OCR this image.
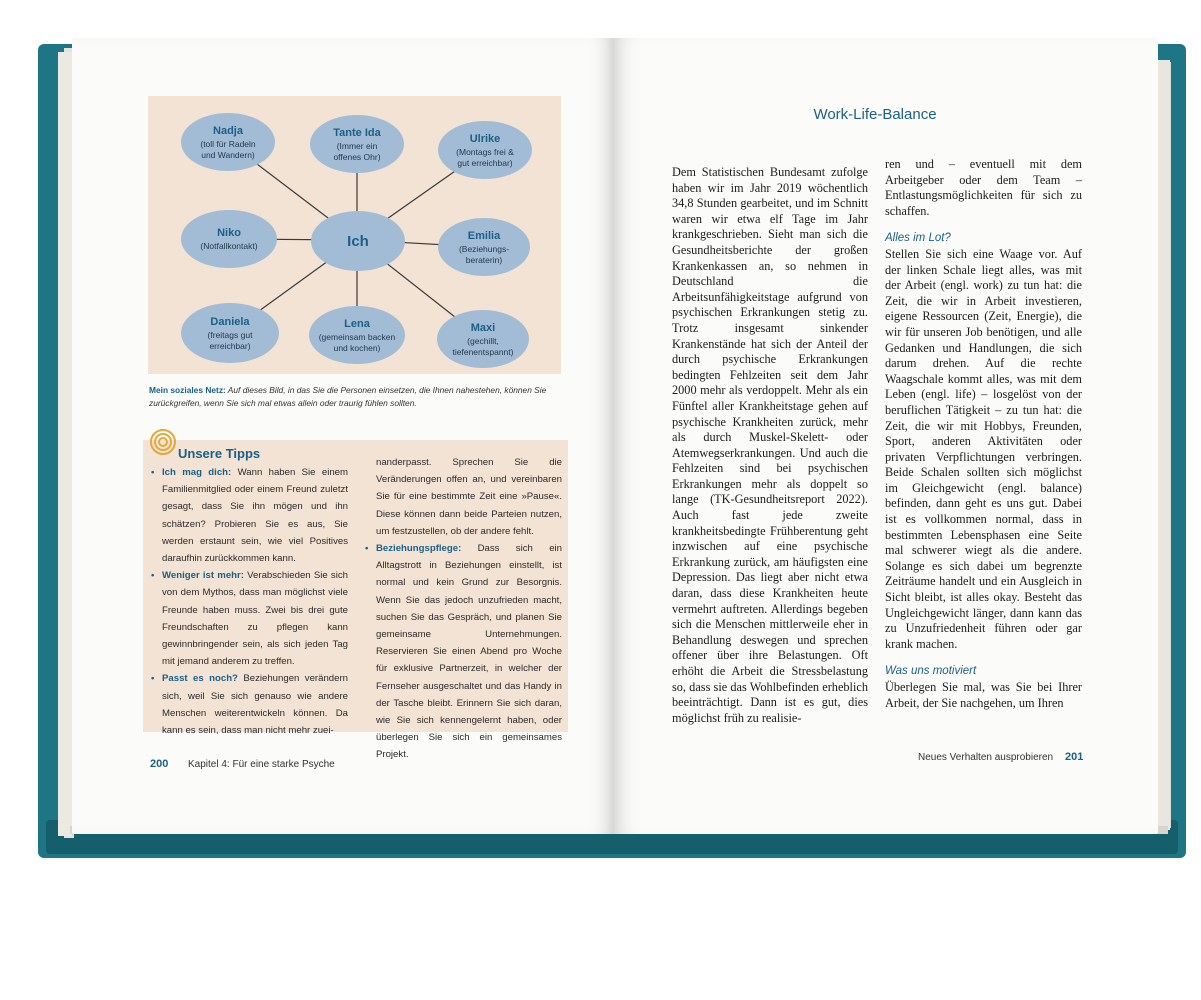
Nadja
(toll für Radeln
und Wandern)
Tante Ida
(Immer ein
offenes Ohr)
Ulrike
(Montags frei &
gut erreichbar)
Niko
(Notfallkontakt)	Ich	Emilia
(Beziehungs-
beraterin)
Daniela
(freitags gut
erreichbar)
Lena
(gemeinsam backen
und kochen)
Maxi
(gechillt,
tiefenentspannt)
Mein soziales Netz: Auf dieses Bild, in das Sie die Personen einsetzen, die Ihnen nahestehen, können Sie zurückgreifen, wenn Sie sich mal etwas allein oder traurig fühlen sollten.
Unsere Tipps
• Ich mag dich: Wann haben Sie einem Familienmitglied oder einem Freund zuletzt gesagt, dass Sie ihn mögen und ihn schätzen? Probieren Sie es aus, Sie werden erstaunt sein, wie viel Positives daraufhin zurückkommen kann.
• Weniger ist mehr: Verabschieden Sie sich von dem Mythos, dass man möglichst viele Freunde haben muss. Zwei bis drei gute Freundschaften zu pflegen kann gewinnbringender sein, als sich jeden Tag mit jemand anderem zu treffen.
• Passt es noch? Beziehungen verändern sich, weil Sie sich genauso wie andere Menschen weiterentwickeln können. Da kann es sein, dass man nicht mehr zuei-
nanderpasst. Sprechen Sie die Veränderungen offen an, und vereinbaren Sie für eine bestimmte Zeit eine »Pause«. Diese können dann beide Parteien nutzen, um festzustellen, ob der andere fehlt.
• Beziehungspflege: Dass sich ein Alltagstrott in Beziehungen einstellt, ist normal und kein Grund zur Besorgnis. Wenn Sie das jedoch unzufrieden macht, suchen Sie das Gespräch, und planen Sie gemeinsame Unternehmungen. Reservieren Sie einen Abend pro Woche für exklusive Partnerzeit, in welcher der Fernseher ausgeschaltet und das Handy in der Tasche bleibt. Erinnern Sie sich daran, wie Sie sich kennengelernt haben, oder überlegen Sie sich ein gemeinsames Projekt.
200 Kapitel 4: Für eine starke Psyche
Work-Life-Balance
Dem Statistischen Bundesamt zufolge haben wir im Jahr 2019 wöchentlich 34,8 Stunden gearbeitet, und im Schnitt waren wir etwa elf Tage im Jahr krankgeschrieben. Sieht man sich die Gesundheitsberichte der großen Krankenkassen an, so nehmen in Deutschland die Arbeitsunfähigkeitstage aufgrund von psychischen Erkrankungen stetig zu. Trotz insgesamt sinkender Krankenstände hat sich der Anteil der durch psychische Erkrankungen bedingten Fehlzeiten seit dem Jahr 2000 mehr als verdoppelt. Mehr als ein Fünftel aller Krankheitstage gehen auf psychische Krankheiten zurück, mehr als durch Muskel-Skelett- oder Atemwegserkrankungen. Und auch die Fehlzeiten sind bei psychischen Erkrankungen mehr als doppelt so lange (TK-Gesundheitsreport 2022). Auch fast jede zweite krankheitsbedingte Frühberentung geht inzwischen auf eine psychische Erkrankung zurück, am häufigsten eine Depression. Das liegt aber nicht etwa daran, dass diese Krankheiten heute vermehrt auftreten. Allerdings begeben sich die Menschen mittlerweile eher in Behandlung deswegen und sprechen offener über ihre Belastungen. Oft erhöht die Arbeit die Stressbelastung so, dass sie das Wohlbefinden erheblich beeinträchtigt. Dann ist es gut, dies möglichst früh zu realisie-
ren und – eventuell mit dem Arbeitgeber oder dem Team – Entlastungsmöglichkeiten für sich zu schaffen.
Alles im Lot?
Stellen Sie sich eine Waage vor. Auf der linken Schale liegt alles, was mit der Arbeit (engl. work) zu tun hat: die Zeit, die wir in Arbeit investieren, eigene Ressourcen (Zeit, Energie), die wir für unseren Job benötigen, und alle Gedanken und Handlungen, die sich darum drehen. Auf die rechte Waagschale kommt alles, was mit dem Leben (engl. life) – losgelöst von der beruflichen Tätigkeit – zu tun hat: die Zeit, die wir mit Hobbys, Freunden, Sport, anderen Aktivitäten oder privaten Verpflichtungen verbringen. Beide Schalen sollten sich möglichst im Gleichgewicht (engl. balance) befinden, dann geht es uns gut. Dabei ist es vollkommen normal, dass in bestimmten Lebensphasen eine Seite mal schwerer wiegt als die andere. Solange es sich dabei um begrenzte Zeiträume handelt und ein Ausgleich in Sicht bleibt, ist alles okay. Besteht das Ungleichgewicht länger, dann kann das zu Unzufriedenheit führen oder gar krank machen.
Was uns motiviert
Überlegen Sie mal, was Sie bei Ihrer Arbeit, der Sie nachgehen, um Ihren
Neues Verhalten ausprobieren 201
